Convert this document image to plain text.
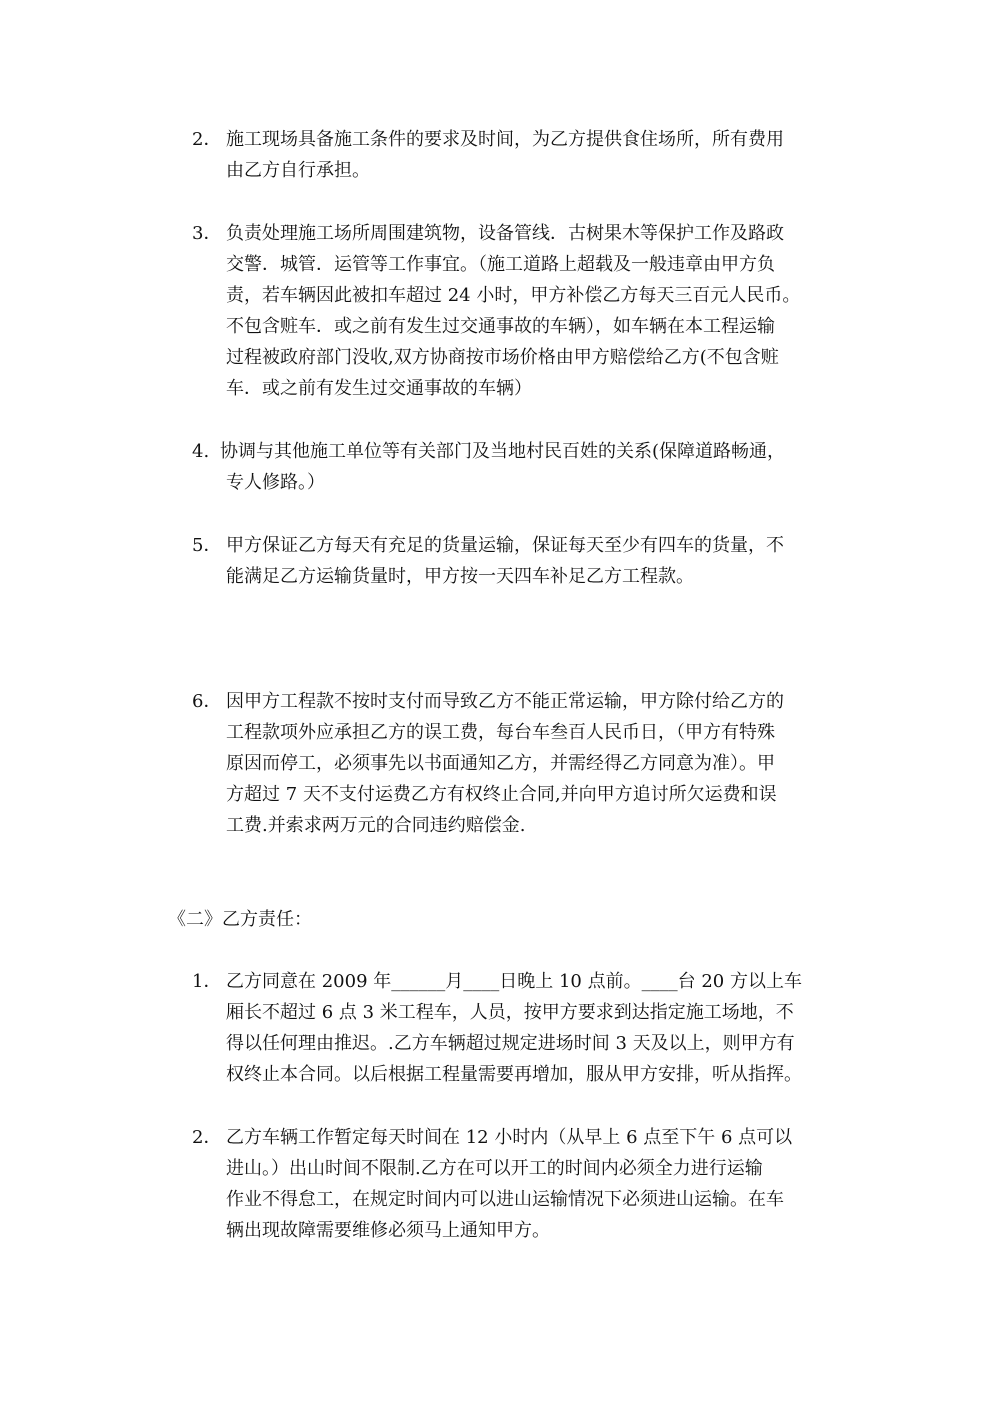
2． 施工现场具备施工条件的要求及时间，为乙方提供食住场所，所有费用
由乙方自行承担。
3． 负责处理施工场所周围建筑物，设备管线．古树果木等保护工作及路政
交警．城管．运管等工作事宜。（施工道路上超载及一般违章由甲方负
责，若车辆因此被扣车超过 24 小时，甲方补偿乙方每天三百元人民币。
不包含赃车．或之前有发生过交通事故的车辆），如车辆在本工程运输
过程被政府部门没收,双方协商按市场价格由甲方赔偿给乙方(不包含赃
车．或之前有发生过交通事故的车辆）
4. 协调与其他施工单位等有关部门及当地村民百姓的关系(保障道路畅通，
专人修路。）
5． 甲方保证乙方每天有充足的货量运输，保证每天至少有四车的货量，不
能满足乙方运输货量时，甲方按一天四车补足乙方工程款。
6． 因甲方工程款不按时支付而导致乙方不能正常运输，甲方除付给乙方的
工程款项外应承担乙方的误工费，每台车叁百人民币日，（甲方有特殊
原因而停工，必须事先以书面通知乙方，并需经得乙方同意为准）。甲
方超过 7 天不支付运费乙方有权终止合同,并向甲方追讨所欠运费和误
工费.并索求两万元的合同违约赔偿金.
《二》乙方责任：
1． 乙方同意在 2009 年______月____日晚上 10 点前。____台 20 方以上车
厢长不超过 6 点 3 米工程车，人员，按甲方要求到达指定施工场地，不
得以任何理由推迟。.乙方车辆超过规定进场时间 3 天及以上，则甲方有
权终止本合同。以后根据工程量需要再增加，服从甲方安排，听从指挥。
2． 乙方车辆工作暂定每天时间在 12 小时内（从早上 6 点至下午 6 点可以
进山。）出山时间不限制.乙方在可以开工的时间内必须全力进行运输
作业不得怠工，在规定时间内可以进山运输情况下必须进山运输。在车
辆出现故障需要维修必须马上通知甲方。
